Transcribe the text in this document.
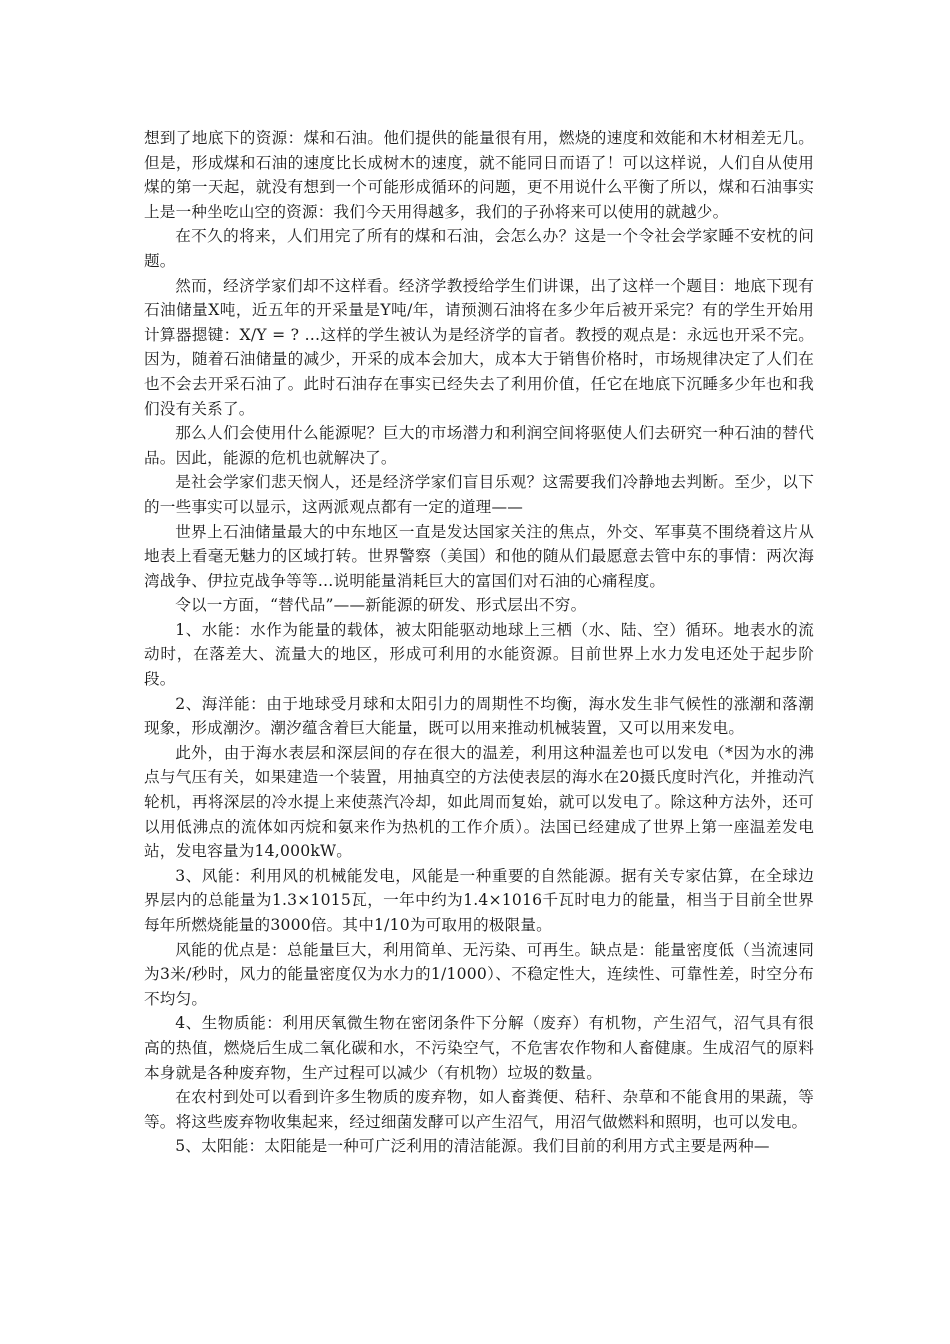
想到了地底下的资源：煤和石油。他们提供的能量很有用，燃烧的速度和效能和木材相差无几。但是，形成煤和石油的速度比长成树木的速度，就不能同日而语了！可以这样说，人们自从使用煤的第一天起，就没有想到一个可能形成循环的问题，更不用说什么平衡了所以，煤和石油事实上是一种坐吃山空的资源：我们今天用得越多，我们的子孙将来可以使用的就越少。

在不久的将来，人们用完了所有的煤和石油，会怎么办？这是一个令社会学家睡不安枕的问题。

然而，经济学家们却不这样看。经济学教授给学生们讲课，出了这样一个题目：地底下现有石油储量X吨，近五年的开采量是Y吨/年，请预测石油将在多少年后被开采完？有的学生开始用计算器摁键：X/Y = ? …这样的学生被认为是经济学的盲者。教授的观点是：永远也开采不完。因为，随着石油储量的减少，开采的成本会加大，成本大于销售价格时，市场规律决定了人们在也不会去开采石油了。此时石油存在事实已经失去了利用价值，任它在地底下沉睡多少年也和我们没有关系了。

那么人们会使用什么能源呢？巨大的市场潜力和利润空间将驱使人们去研究一种石油的替代品。因此，能源的危机也就解决了。

是社会学家们悲天悯人，还是经济学家们盲目乐观？这需要我们冷静地去判断。至少，以下的一些事实可以显示，这两派观点都有一定的道理——

世界上石油储量最大的中东地区一直是发达国家关注的焦点，外交、军事莫不围绕着这片从地表上看毫无魅力的区域打转。世界警察（美国）和他的随从们最愿意去管中东的事情：两次海湾战争、伊拉克战争等等…说明能量消耗巨大的富国们对石油的心痛程度。

令以一方面，“替代品”——新能源的研发、形式层出不穷。

1、水能：水作为能量的载体，被太阳能驱动地球上三栖（水、陆、空）循环。地表水的流动时，在落差大、流量大的地区，形成可利用的水能资源。目前世界上水力发电还处于起步阶段。

2、海洋能：由于地球受月球和太阳引力的周期性不均衡，海水发生非气候性的涨潮和落潮现象，形成潮汐。潮汐蕴含着巨大能量，既可以用来推动机械装置，又可以用来发电。

此外，由于海水表层和深层间的存在很大的温差，利用这种温差也可以发电（*因为水的沸点与气压有关，如果建造一个装置，用抽真空的方法使表层的海水在20摄氏度时汽化，并推动汽轮机，再将深层的冷水提上来使蒸汽冷却，如此周而复始，就可以发电了。除这种方法外，还可以用低沸点的流体如丙烷和氨来作为热机的工作介质）。法国已经建成了世界上第一座温差发电站，发电容量为14,000kW。

3、风能：利用风的机械能发电，风能是一种重要的自然能源。据有关专家估算，在全球边界层内的总能量为1.3×1015瓦，一年中约为1.4×1016千瓦时电力的能量，相当于目前全世界 每年所燃烧能量的3000倍。其中1/10为可取用的极限量。

风能的优点是：总能量巨大，利用简单、无污染、可再生。缺点是：能量密度低（当流速同为3米/秒时，风力的能量密度仅为水力的1/1000）、不稳定性大，连续性、可靠性差，时空分布不均匀。

4、生物质能：利用厌氧微生物在密闭条件下分解（废弃）有机物，产生沼气，沼气具有很高的热值，燃烧后生成二氧化碳和水，不污染空气，不危害农作物和人畜健康。生成沼气的原料本身就是各种废弃物，生产过程可以减少（有机物）垃圾的数量。

在农村到处可以看到许多生物质的废弃物，如人畜粪便、秸秆、杂草和不能食用的果蔬，等等。将这些废弃物收集起来，经过细菌发酵可以产生沼气，用沼气做燃料和照明，也可以发电。

5、太阳能：太阳能是一种可广泛利用的清洁能源。我们目前的利用方式主要是两种—
